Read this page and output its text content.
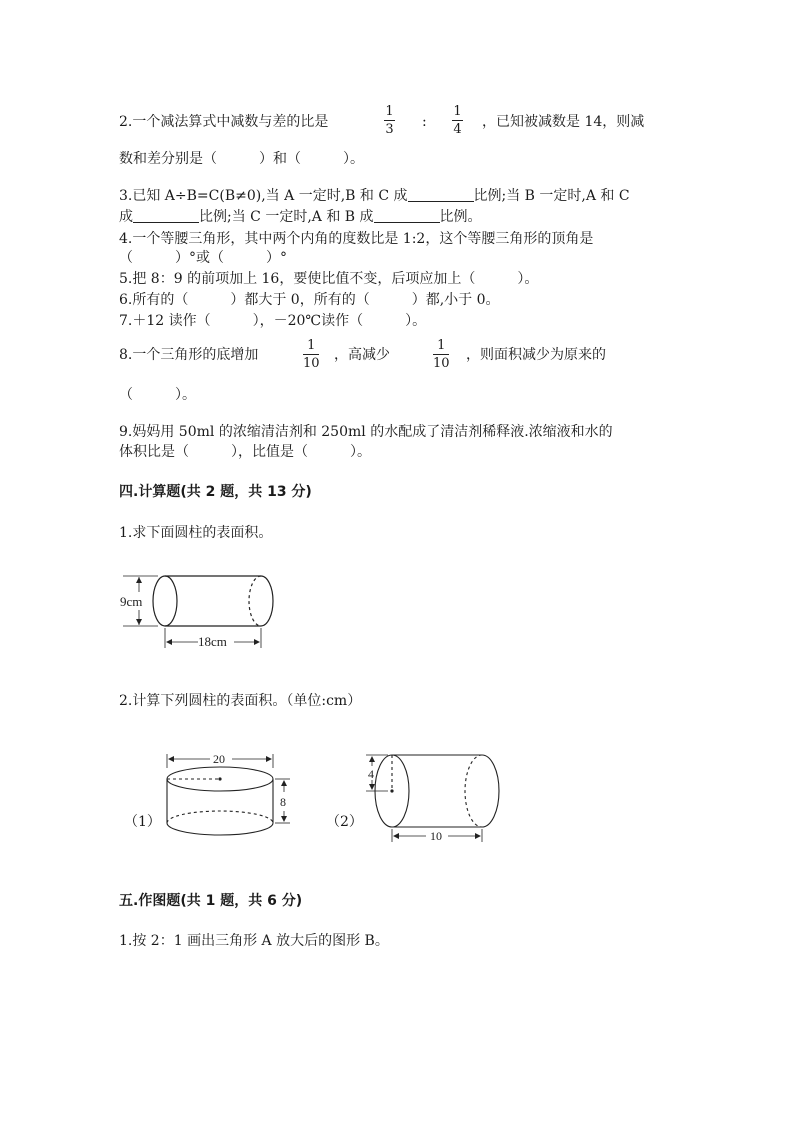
2.一个减法算式中减数与差的比是
1
3 :
1
4 ，已知被减数是 14，则减
数和差分别是（　　　）和（　　　）。
3.已知 A÷B=C(B≠0),当 A 一定时,B 和 C 成	比例;当 B 一定时,A 和 C
成	比例;当 C 一定时,A 和 B 成	比例。
4.一个等腰三角形，其中两个内角的度数比是 1:2，这个等腰三角形的顶角是
（　　　）°或（　　　）°
5.把 8：9 的前项加上 16，要使比值不变，后项应加上（　　　）。
6.所有的（　　　）都大于 0，所有的（　　　）都,小于 0。
7.＋12 读作（　　　），－20℃读作（　　　）。
8.一个三角形的底增加
1
10
，高减少
1
10
，则面积减少为原来的
（　　　）。
9.妈妈用 50ml 的浓缩清洁剂和 250ml 的水配成了清洁剂稀释液.浓缩液和水的
体积比是（　　　），比值是（　　　）。
四.计算题(共 2 题，共 13 分)
1.求下面圆柱的表面积。
9cm
18cm
2.计算下列圆柱的表面积。（单位:cm）
（1）
20
8
（2）
4
10
五.作图题(共 1 题，共 6 分)
1.按 2：1 画出三角形 A 放大后的图形 B。
